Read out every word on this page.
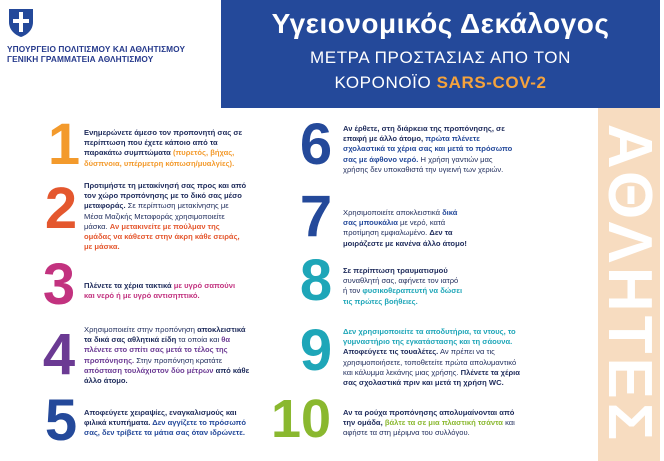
ΥΠΟΥΡΓΕΙΟ ΠΟΛΙΤΙΣΜΟΥ ΚΑΙ ΑΘΛΗΤΙΣΜΟΥ
ΓΕΝΙΚΗ ΓΡΑΜΜΑΤΕΙΑ ΑΘΛΗΤΙΣΜΟΥ
Υγειονομικός Δεκάλογος
ΜΕΤΡΑ ΠΡΟΣΤΑΣΙΑΣ ΑΠΟ ΤΟΝ
ΚΟΡΟΝΟΪΟ SARS-COV-2
ΑΘΛΗΤΕΣ
1 Ενημερώνετε άμεσο τον προπονητή σας σε
περίπτωση που έχετε κάποιο από τα
παρακάτω συμπτώματα (πυρετός, βήχας,
δύσπνοια, υπέρμετρη κόπωση/μυαλγίες).
2 Προτιμήστε τη μετακίνησή σας προς και από
τον χώρο προπόνησης με το δικό σας μέσο
μεταφοράς. Σε περίπτωση μετακίνησης με
Μέσα Μαζικής Μεταφοράς χρησιμοποιείτε
μάσκα. Αν μετακινείτε με πούλμαν της
ομάδας να κάθεστε στην άκρη κάθε σειράς,
με μάσκα.
3	Πλένετε τα χέρια τακτικά με υγρό σαπούνι
και νερό ή με υγρό αντισηπτικό.
4	Χρησιμοποιείτε στην προπόνηση αποκλειστικά
τα δικά σας αθλητικά είδη τα οποία και θα
πλένετε στο σπίτι σας μετά το τέλος της
προπόνησης. Στην προπόνηση κρατάτε
απόσταση τουλάχιστον δύο μέτρων από κάθε
άλλο άτομο.
5 Αποφεύγετε χειραψίες, εναγκαλισμούς και
φιλικά κτυπήματα. Δεν αγγίζετε το πρόσωπό
σας, δεν τρίβετε τα μάτια σας όταν ιδρώνετε.
6	Αν έρθετε, στη διάρκεια της προπόνησης, σε
επαφή με άλλο άτομο, πρώτα πλένετε
σχολαστικά τα χέρια σας και μετά το πρόσωπο
σας με άφθονο νερό. Η χρήση γαντιών μας
χρήσης δεν υποκαθιστά την υγιεινή των χεριών.
7	Χρησιμοποιείτε αποκλειστικά δικά
σας μπουκάλια με νερό, κατά
προτίμηση εμφιαλωμένο. Δεν τα
μοιράζεστε με κανένα άλλο άτομο!
8	Σε περίπτωση τραυματισμού
συναθλητή σας, αφήνετε τον ιατρό
ή τον φυσικοθεραπευτή να δώσει
τις πρώτες βοήθειες.
9	Δεν χρησιμοποιείτε τα αποδυτήρια, τα ντους, το
γυμναστήριο της εγκατάστασης και τη σάουνα.
Αποφεύγετε τις τουαλέτες. Αν πρέπει να τις
χρησιμοποιήσετε, τοποθετείτε πρώτα απολυμαντικό
και κάλυμμα λεκάνης μιας χρήσης. Πλένετε τα χέρια
σας σχολαστικά πριν και μετά τη χρήση WC.
10	Αν τα ρούχα προπόνησης απολυμαίνονται από
την ομάδα, βάλτε τα σε μια πλαστική τσάντα και
αφήστε τα στη μέριμνα του συλλόγου.
